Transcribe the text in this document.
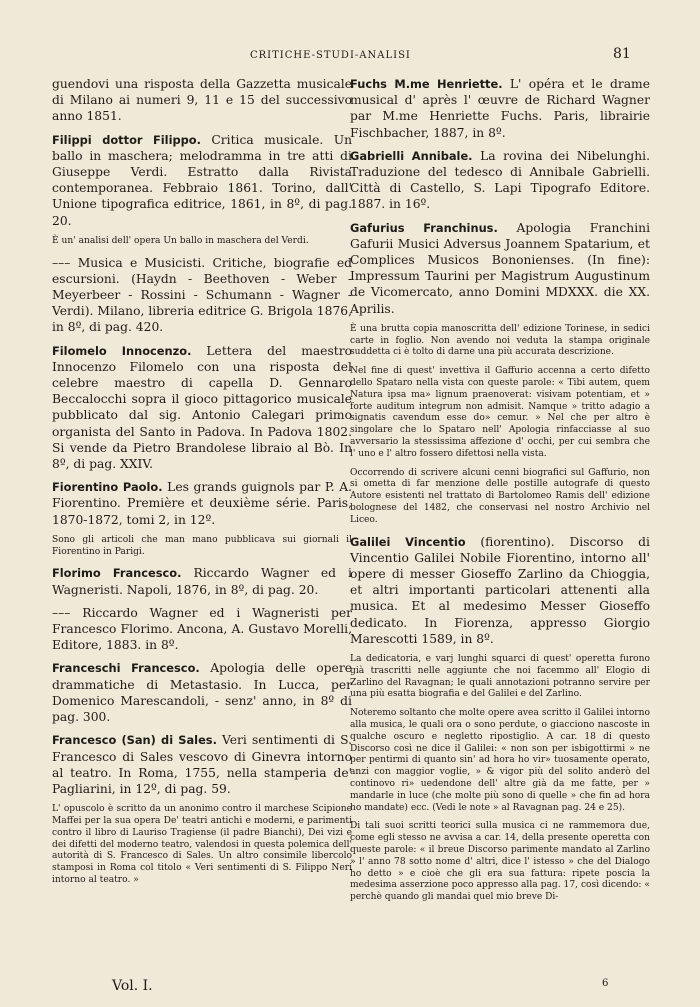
CRITICHE-STUDI-ANALISI	81
guendovi una risposta della Gazzetta musicale di Milano ai numeri 9, 11 e 15 del successivo anno 1851.
Filippi dottor Filippo. Critica musicale. Un ballo in maschera; melodramma in tre atti di Giuseppe Verdi. Estratto dalla Rivista contemporanea. Febbraio 1861. Torino, dall' Unione tipografica editrice, 1861, in 8º, di pag. 20.
È un' analisi dell' opera Un ballo in maschera del Verdi.
––– Musica e Musicisti. Critiche, biografie ed escursioni. (Haydn - Beethoven - Weber - Meyerbeer - Rossini - Schumann - Wagner - Verdi). Milano, libreria editrice G. Brigola 1876, in 8º, di pag. 420.
Filomelo Innocenzo. Lettera del maestro Innocenzo Filomelo con una risposta del celebre maestro di capella D. Gennaro Beccalocchi sopra il gioco pittagorico musicale pubblicato dal sig. Antonio Calegari primo organista del Santo in Padova. In Padova 1802. Si vende da Pietro Brandolese libraio al Bò. In 8º, di pag. XXIV.
Fiorentino Paolo. Les grands guignols par P. A. Fiorentino. Première et deuxième série. Paris, 1870-1872, tomi 2, in 12º.
Sono gli articoli che man mano pubblicava sui giornali il Fiorentino in Parigi.
Florimo Francesco. Riccardo Wagner ed i Wagneristi. Napoli, 1876, in 8º, di pag. 20.
––– Riccardo Wagner ed i Wagneristi per Francesco Florimo. Ancona, A. Gustavo Morelli, Editore, 1883. in 8º.
Franceschi Francesco. Apologia delle opere drammatiche di Metastasio. In Lucca, per Domenico Marescandoli, - senz' anno, in 8º di pag. 300.
Francesco (San) di Sales. Veri sentimenti di S. Francesco di Sales vescovo di Ginevra intorno al teatro. In Roma, 1755, nella stamperia de' Pagliarini, in 12º, di pag. 59.
L' opuscolo è scritto da un anonimo contro il marchese Scipione Maffei per la sua opera De' teatri antichi e moderni, e parimenti contro il libro di Lauriso Tragiense (il padre Bianchi), Dei vizi e dei difetti del moderno teatro, valendosi in questa polemica dell' autorità di S. Francesco di Sales. Un altro consimile libercolo stamposi in Roma col titolo « Veri sentimenti di S. Filippo Neri intorno al teatro. »
Fuchs M.me Henriette. L' opéra et le drame musical d' après l' œuvre de Richard Wagner par M.me Henriette Fuchs. Paris, librairie Fischbacher, 1887, in 8º.
Gabrielli Annibale. La rovina dei Nibelunghi. Traduzione del tedesco di Annibale Gabrielli. Città di Castello, S. Lapi Tipografo Editore. 1887. in 16º.
Gafurius Franchinus. Apologia Franchini Gafurii Musici Adversus Joannem Spatarium, et Complices Musicos Bononienses. (In fine): Impressum Taurini per Magistrum Augustinum de Vicomercato, anno Domini MDXXX. die XX. Aprilis.
È una brutta copia manoscritta dell' edizione Torinese, in sedici carte in foglio. Non avendo noi veduta la stampa originale suddetta ci è tolto di darne una più accurata descrizione.
Nel fine di quest' invettiva il Gaffurio accenna a certo difetto dello Spataro nella vista con queste parole: « Tibi autem, quem Natura ipsa ma» lignum praenoverat: visivam potentiam, et » forte auditum integrum non admisit. Namque » tritto adagio a signatis cavendum esse do» cemur. » Nel che per altro è singolare che lo Spataro nell' Apologia rinfacciasse al suo avversario la stessissima affezione d' occhi, per cui sembra che l' uno e l' altro fossero difettosi nella vista.
Occorrendo di scrivere alcuni cenni biografici sul Gaffurio, non si ometta di far menzione delle postille autografe di questo Autore esistenti nel trattato di Bartolomeo Ramis dell' edizione bolognese del 1482, che conservasi nel nostro Archivio nel Liceo.
Galilei Vincentio (fiorentino). Discorso di Vincentio Galilei Nobile Fiorentino, intorno all' opere di messer Gioseffo Zarlino da Chioggia, et altri importanti particolari attenenti alla musica. Et al medesimo Messer Gioseffo dedicato. In Fiorenza, appresso Giorgio Marescotti 1589, in 8º.
La dedicatoria, e varj lunghi squarci di quest' operetta furono già trascritti nelle aggiunte che noi facemmo all' Elogio di Zarlino del Ravagnan; le quali annotazioni potranno servire per una più esatta biografia e del Galilei e del Zarlino.
Noteremo soltanto che molte opere avea scritto il Galilei intorno alla musica, le quali ora o sono perdute, o giacciono nascoste in qualche oscuro e negletto ripostiglio. A car. 18 di questo Discorso così ne dice il Galilei: « non son per isbigottirmi » ne per pentirmi di quanto sin' ad hora ho vir» tuosamente operato, anzi con maggior voglie, » & vigor più del solito anderò del continovo ri» uedendone dell' altre già da me fatte, per » mandarle in luce (che molte più sono di quelle » che fin ad hora ho mandate) ecc. (Vedi le note » al Ravagnan pag. 24 e 25).
Di tali suoi scritti teorici sulla musica ci ne rammemora due, come egli stesso ne avvisa a car. 14, della presente operetta con queste parole: « il breue Discorso parimente mandato al Zarlino » l' anno 78 sotto nome d' altri, dice l' istesso » che del Dialogo ho detto » e cioè che gli era sua fattura: ripete poscia la medesima asserzione poco appresso alla pag. 17, così dicendo: « perchè quando gli mandai quel mio breve Di-
Vol. I.	6
